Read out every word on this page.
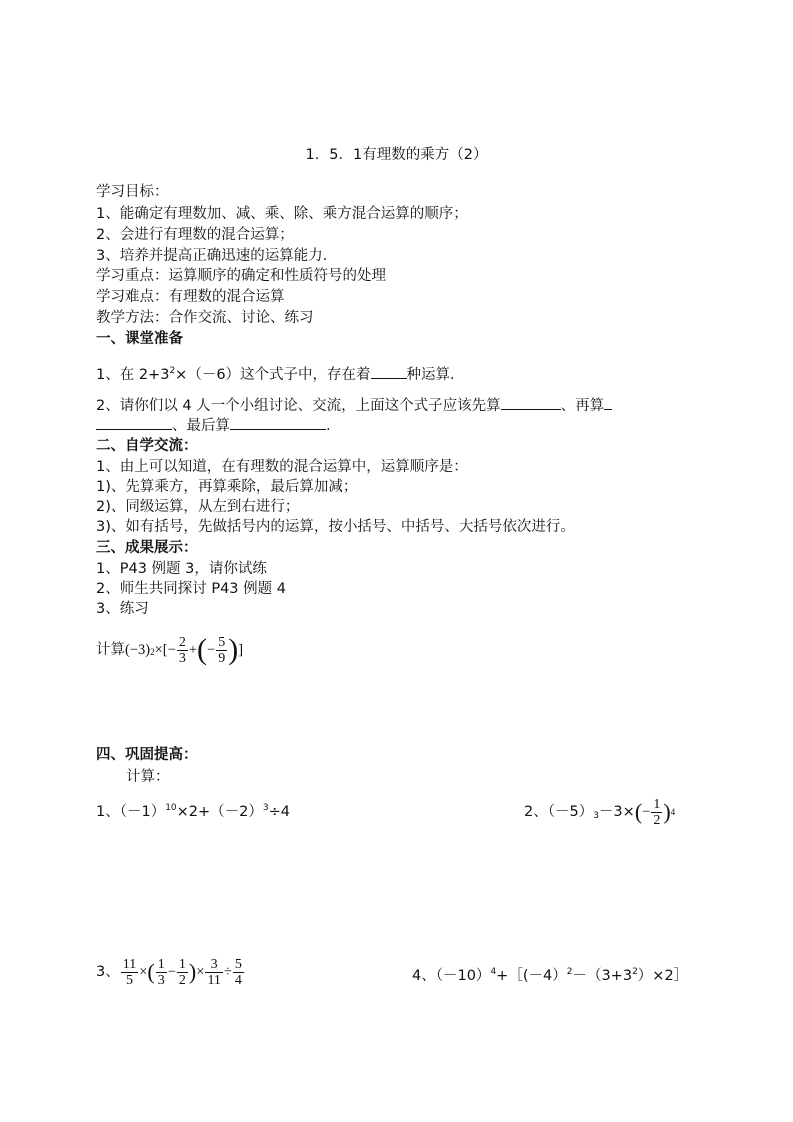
1．5．1有理数的乘方（2）
学习目标：
1、能确定有理数加、减、乘、除、乘方混合运算的顺序；
2、会进行有理数的混合运算；
3、培养并提高正确迅速的运算能力.
学习重点：运算顺序的确定和性质符号的处理
学习难点：有理数的混合运算
教学方法：合作交流、讨论、练习
一、课堂准备
1、在 $2+3^2\times(-6)$这个式子中，存在着 种运算.
2、请你们以 4 人一个小组讨论、交流，上面这个式子应该先算	、再算
、最后算	.
二、自学交流：
1、由上可以知道，在有理数的混合运算中，运算顺序是：
1)、先算乘方，再算乘除，最后算加减；
2)、同级运算，从左到右进行；
3)、如有括号，先做括号内的运算，按小括号、中括号、大括号依次进行。
三、成果展示：
1、P43 例题 3，请你试练
2、师生共同探讨 P43 例题 4
3、练习
计算 (−3) 2 × [ − $\frac{2}{3}$ + ( − $\frac{5}{9}$ ) ]
四、巩固提高：
计算：
1、$(-1)^{10}\times 2+(-2)^3\div 4$	2、$(-5)_3 -3\times$ ( − $\frac{1}{2}$ ) 4
3、 $\frac{11}{5}$ × ( $\frac{1}{3} - \frac{1}{2}$ ) × $\frac{3}{11} \div \frac{5}{4}$	4、$(-10)^4+[(-4)^2-(3+3^2)\times 2]$
